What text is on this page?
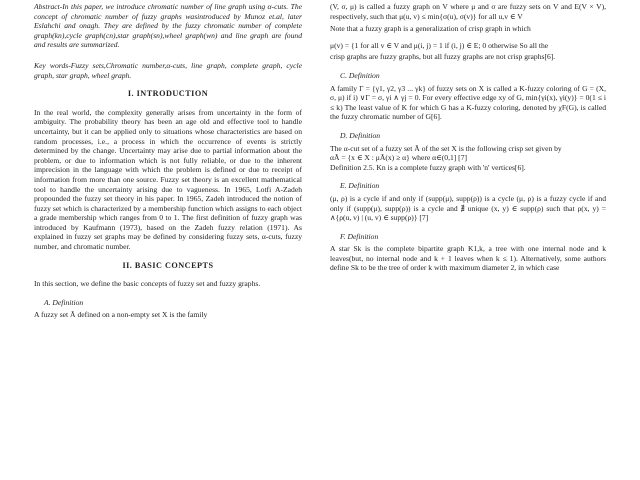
Abstract-In this paper, we introduce chromatic number of line graph using α-cuts. The concept of chromatic number of fuzzy graphs wasintroduced by Munoz et.al, later Eslahchi and onagh. They are defined by the fuzzy chromatic number of complete graph(kn),cycle graph(cn),star graph(sn),wheel graph(wn) and line graph are found and results are summarized.

Key words-Fuzzy sets,Chromatic number,α-cuts, line graph, complete graph, cycle graph, star graph, wheel graph.

I. INTRODUCTION

In the real world, the complexity generally arises from uncertainty in the form of ambiguity. The probability theory has been an age old and effective tool to handle uncertainty, but it can be applied only to situations whose characteristics are based on random processes, i.e., a process in which the occurrence of events is strictly determined by the change. Uncertainty may arise due to partial information about the problem, or due to information which is not fully reliable, or due to the inherent imprecision in the language with which the problem is defined or due to receipt of information from more than one source. Fuzzy set theory is an excellent mathematical tool to handle the uncertainty arising due to vagueness. In 1965, Lotfi A-Zadeh propounded the fuzzy set theory in his paper. In 1965, Zadeh introduced the notion of fuzzy set which is characterized by a membership function which assigns to each object a grade membership which ranges from 0 to 1. The first definition of fuzzy graph was introduced by Kaufmann (1973), based on the Zadeh fuzzy relation (1971). As explained in fuzzy set graphs may be defined by considering fuzzy sets, α-cuts, fuzzy number, and chromatic number.

II. BASIC CONCEPTS

In this section, we define the basic concepts of fuzzy set and fuzzy graphs.

A. Definition

A fuzzy set Ã defined on a non-empty set X is the family

(V, σ, μ) is called a fuzzy graph on V where μ and σ are fuzzy sets on V and E(V × V), respectively, such that μ(u, v) ≤ min{σ(u), σ(v)} for all u,v ∈ V

Note that a fuzzy graph is a generalization of crisp graph in which

μ(v) = {1 for all v ∈ V and μ(i, j) = 1 if (i, j) ∈ E; 0 otherwise So all the

crisp graphs are fuzzy graphs, but all fuzzy graphs are not crisp graphs[6].

C. Definition

A family Γ = {γ1, γ2, γ3 ... γk} of fuzzy sets on X is called a K-fuzzy coloring of G = (X, σ, μ) if i) ∨Γ = σ, γi ∧ γj = 0. For every effective edge xy of G, min{γi(x), γi(y)} = 0(1 ≤ i ≤ k) The least value of K for which G has a K-fuzzy coloring, denoted by χF(G), is called the fuzzy chromatic number of G[6].

D. Definition

The α-cut set of a fuzzy set Ã of the set X is the following crisp set given by

αÃ = {x ∈ X : μÃ(x) ≥ α} where α∈(0,1] [7]

Definition 2.5. Kn is a complete fuzzy graph with 'n' vertices[6].

E. Definition

(μ, ρ) is a cycle if and only if (supp(μ), supp(ρ)) is a cycle (μ, ρ) is a fuzzy cycle if and only if (supp(μ), supp(ρ)) is a cycle and ∄ unique (x, y) ∈ supp(ρ) such that ρ(x, y) = ∧{ρ(u, v) | (u, v) ∈ supp(ρ)} [7]

F. Definition

A star Sk is the complete bipartite graph K1,k, a tree with one internal node and k leaves(but, no internal node and k + 1 leaves when k ≤ 1). Alternatively, some authors define Sk to be the tree of order k with maximum diameter 2, in which case
